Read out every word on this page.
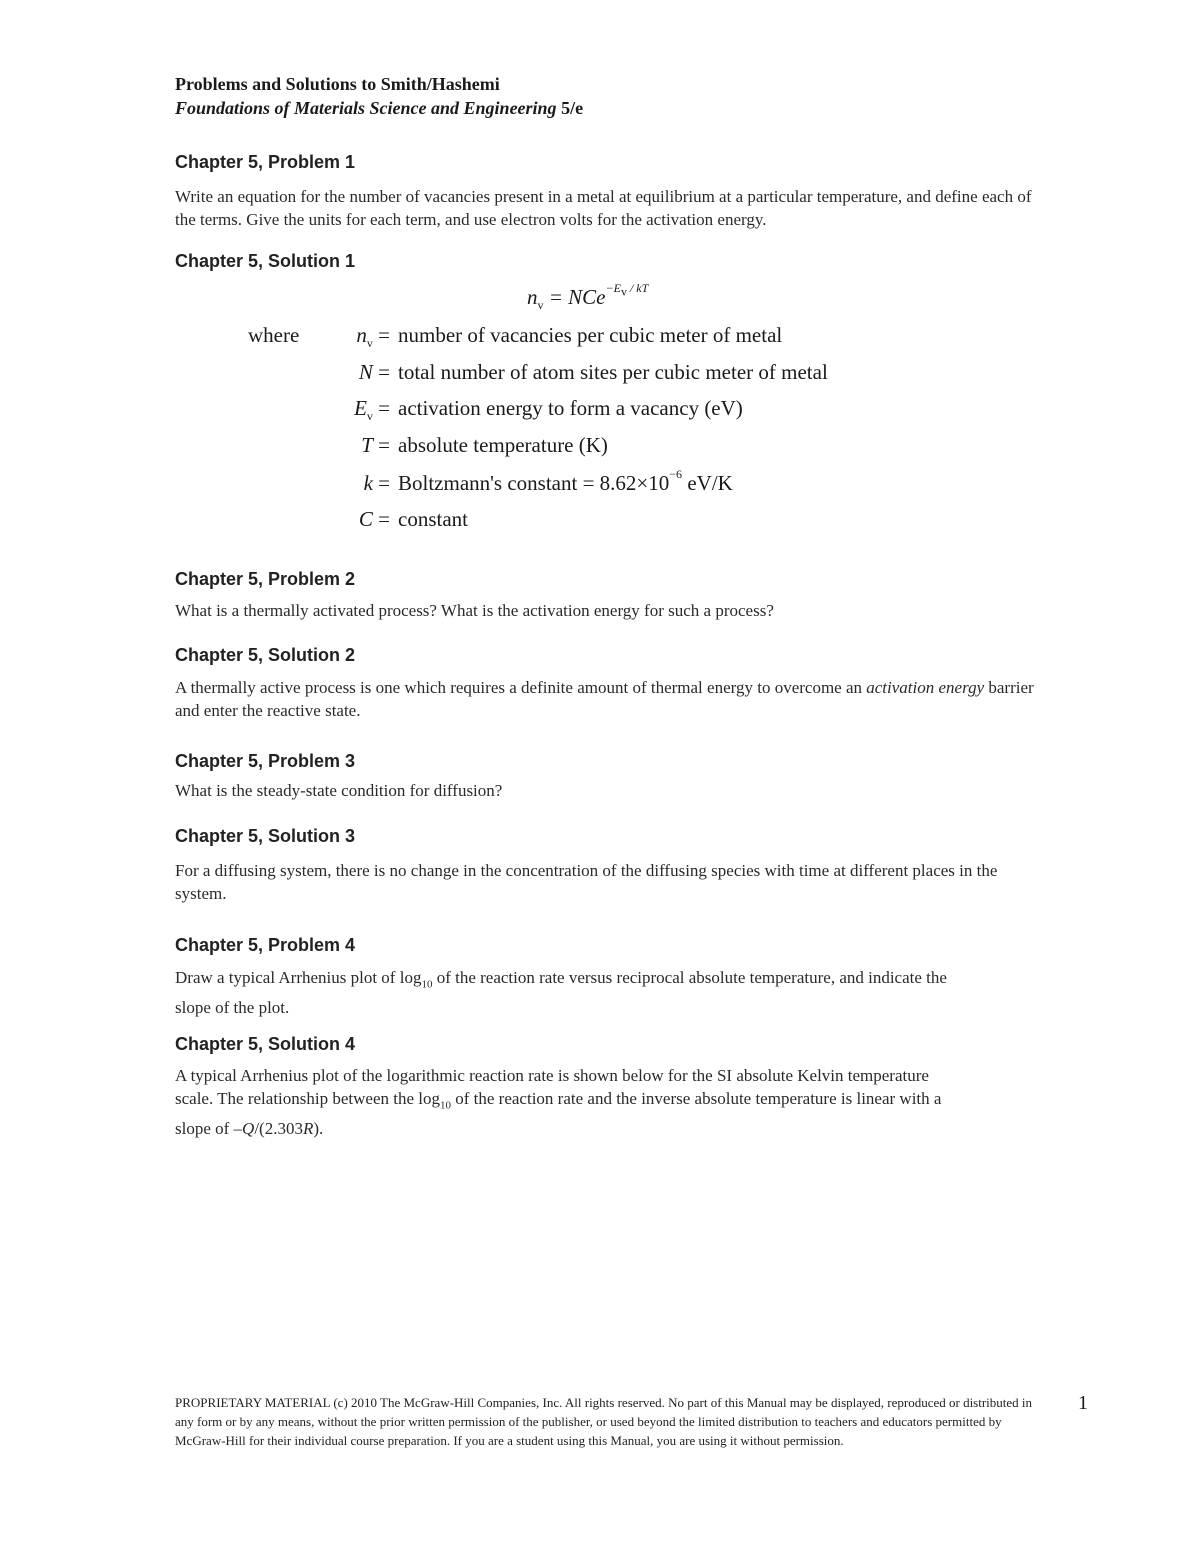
Problems and Solutions to Smith/Hashemi
Foundations of Materials Science and Engineering 5/e
Chapter 5, Problem 1
Write an equation for the number of vacancies present in a metal at equilibrium at a particular temperature, and define each of the terms. Give the units for each term, and use electron volts for the activation energy.
Chapter 5, Solution 1
$n_v = NCe^{-E_v / kT}$
where	$n_v$ = number of vacancies per cubic meter of metal
N = total number of atom sites per cubic meter of metal
$E_v$ = activation energy to form a vacancy (eV)
T = absolute temperature (K)
k = Boltzmann's constant = $8.62\times 10^{-6}$ eV/K
C = constant
Chapter 5, Problem 2
What is a thermally activated process? What is the activation energy for such a process?
Chapter 5, Solution 2
A thermally active process is one which requires a definite amount of thermal energy to overcome an activation energy barrier and enter the reactive state.
Chapter 5, Problem 3
What is the steady-state condition for diffusion?
Chapter 5, Solution 3
For a diffusing system, there is no change in the concentration of the diffusing species with time at different places in the system.
Chapter 5, Problem 4
Draw a typical Arrhenius plot of $\log_{10}$ of the reaction rate versus reciprocal absolute temperature, and indicate the slope of the plot.
Chapter 5, Solution 4
A typical Arrhenius plot of the logarithmic reaction rate is shown below for the SI absolute Kelvin temperature scale. The relationship between the $\log_{10}$ of the reaction rate and the inverse absolute temperature is linear with a slope of –Q/(2.303R).
PROPRIETARY MATERIAL (c) 2010 The McGraw-Hill Companies, Inc. All rights reserved. No part of this Manual may be displayed, reproduced or distributed in any form or by any means, without the prior written permission of the publisher, or used beyond the limited distribution to teachers and educators permitted by McGraw-Hill for their individual course preparation. If you are a student using this Manual, you are using it without permission.
1
